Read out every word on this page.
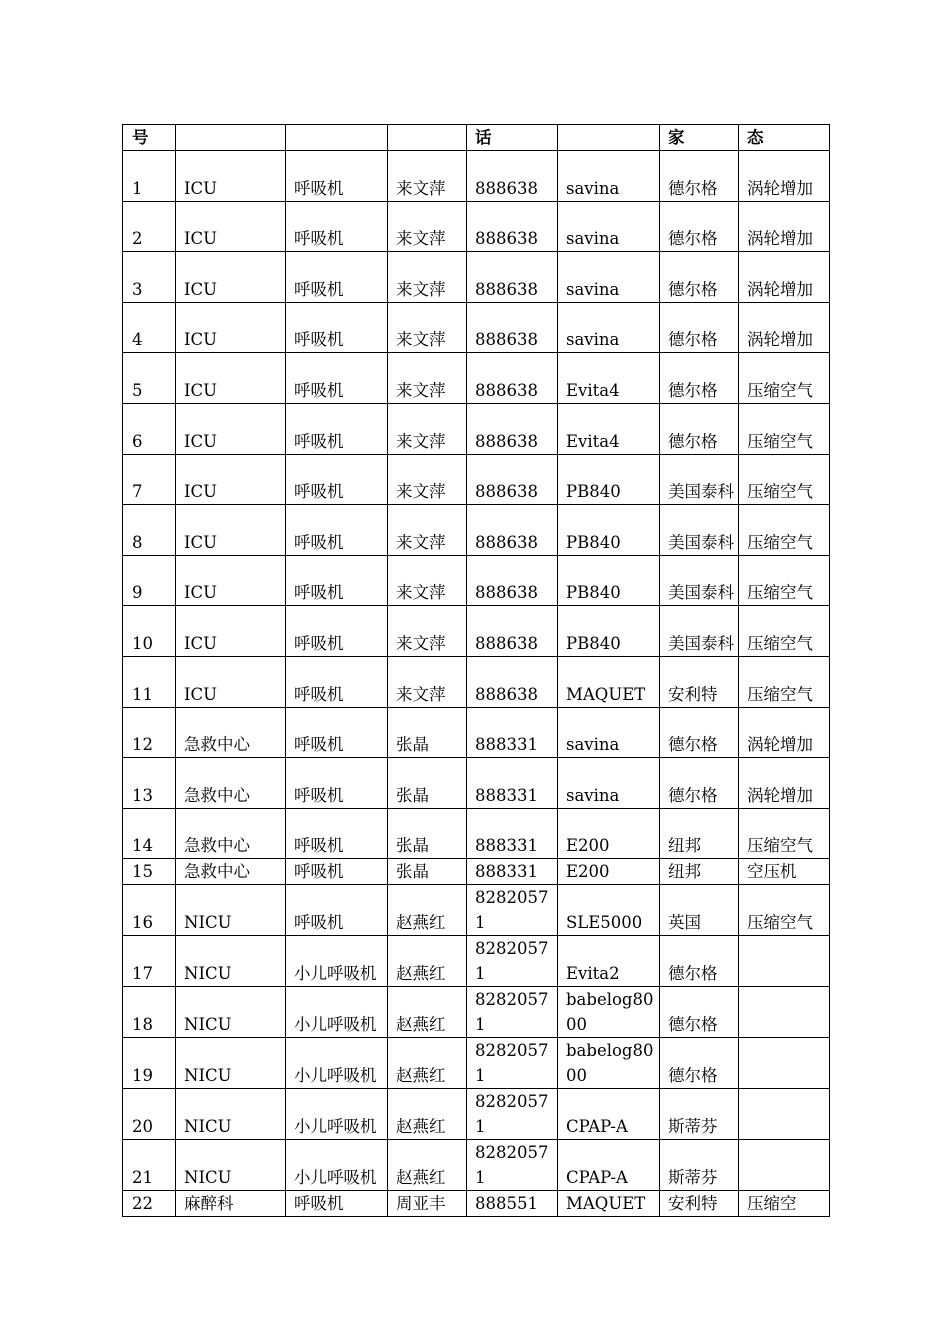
号				话		家	态
1	ICU	呼吸机	来文萍	888638	savina	德尔格	涡轮增加
2	ICU	呼吸机	来文萍	888638	savina	德尔格	涡轮增加
3	ICU	呼吸机	来文萍	888638	savina	德尔格	涡轮增加
4	ICU	呼吸机	来文萍	888638	savina	德尔格	涡轮增加
5	ICU	呼吸机	来文萍	888638	Evita4	德尔格	压缩空气
6	ICU	呼吸机	来文萍	888638	Evita4	德尔格	压缩空气
7	ICU	呼吸机	来文萍	888638	PB840	美国泰科	压缩空气
8	ICU	呼吸机	来文萍	888638	PB840	美国泰科	压缩空气
9	ICU	呼吸机	来文萍	888638	PB840	美国泰科	压缩空气
10	ICU	呼吸机	来文萍	888638	PB840	美国泰科	压缩空气
11	ICU	呼吸机	来文萍	888638	MAQUET	安利特	压缩空气
12	急救中心	呼吸机	张晶	888331	savina	德尔格	涡轮增加
13	急救中心	呼吸机	张晶	888331	savina	德尔格	涡轮增加
14	急救中心	呼吸机	张晶	888331	E200	纽邦	压缩空气
15	急救中心	呼吸机	张晶	888331	E200	纽邦	空压机
16	NICU	呼吸机	赵燕红	82820571	SLE5000	英国	压缩空气
17	NICU	小儿呼吸机	赵燕红	82820571	Evita2	德尔格	
18	NICU	小儿呼吸机	赵燕红	82820571	babelog8000	德尔格	
19	NICU	小儿呼吸机	赵燕红	82820571	babelog8000	德尔格	
20	NICU	小儿呼吸机	赵燕红	82820571	CPAP-A	斯蒂芬	
21	NICU	小儿呼吸机	赵燕红	82820571	CPAP-A	斯蒂芬	
22	麻醉科	呼吸机	周亚丰	888551	MAQUET	安利特	压缩空
